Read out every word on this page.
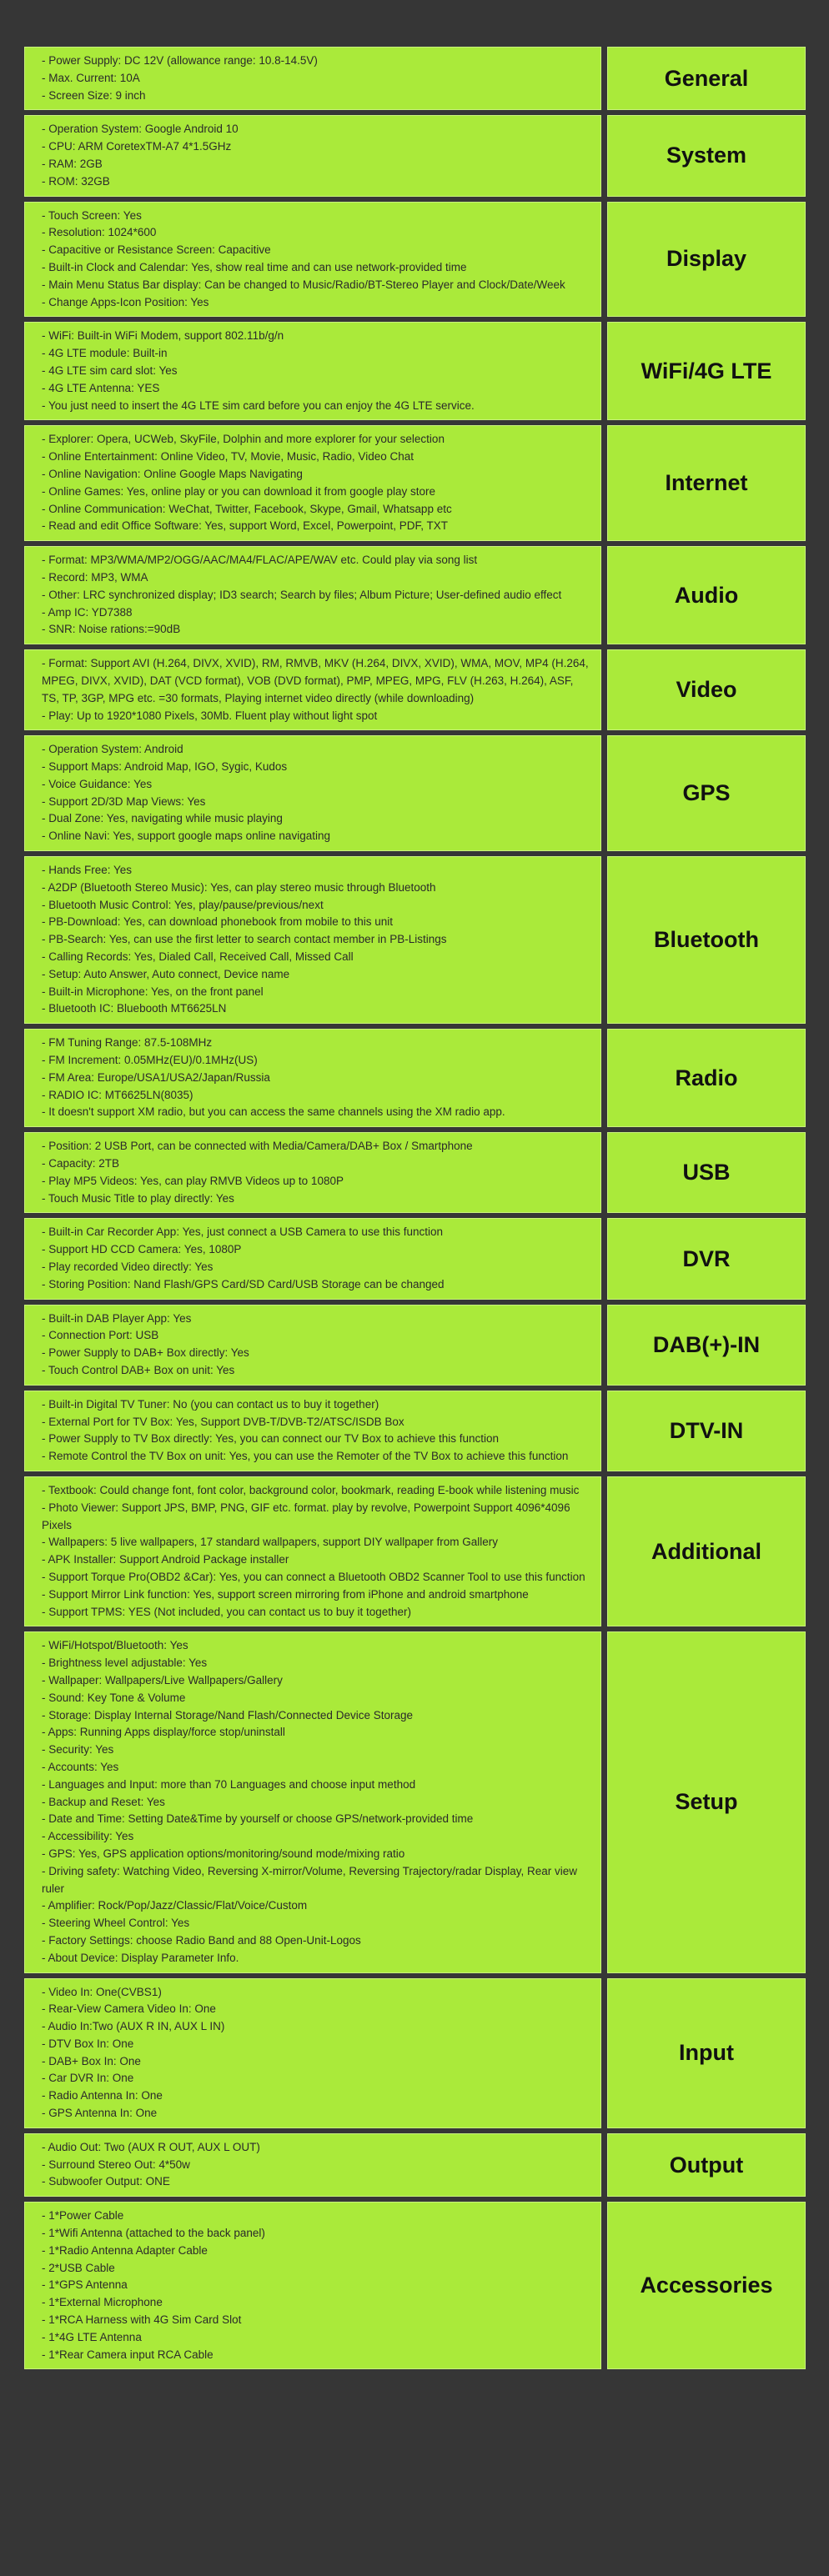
- Power Supply: DC 12V (allowance range: 10.8-14.5V)

- Max. Current: 10A

- Screen Size: 9 inch

General

- Operation System: Google Android 10

- CPU: ARM CoretexTM-A7 4*1.5GHz

- RAM: 2GB

- ROM: 32GB

System

- Touch Screen: Yes

- Resolution: 1024*600

- Capacitive or Resistance Screen: Capacitive

- Built-in Clock and Calendar: Yes, show real time and can use network-provided time

- Main Menu Status Bar display: Can be changed to Music/Radio/BT-Stereo Player and Clock/Date/Week

- Change Apps-Icon Position: Yes

Display

- WiFi: Built-in WiFi Modem, support 802.11b/g/n

- 4G LTE module: Built-in

- 4G LTE sim card slot: Yes

- 4G LTE Antenna: YES

- You just need to insert the 4G LTE sim card before you can enjoy the 4G LTE service.

WiFi/4G LTE

- Explorer: Opera, UCWeb, SkyFile, Dolphin and more explorer for your selection

- Online Entertainment: Online Video, TV, Movie, Music, Radio, Video Chat

- Online Navigation: Online Google Maps Navigating

- Online Games: Yes, online play or you can download it from google play store

- Online Communication: WeChat, Twitter, Facebook, Skype, Gmail, Whatsapp etc

- Read and edit Office Software: Yes, support Word, Excel, Powerpoint, PDF, TXT

Internet

- Format: MP3/WMA/MP2/OGG/AAC/MA4/FLAC/APE/WAV etc. Could play via song list

- Record: MP3, WMA

- Other: LRC synchronized display; ID3 search; Search by files; Album Picture; User-defined audio effect

- Amp IC: YD7388

- SNR: Noise rations:=90dB

Audio

- Format: Support AVI (H.264, DIVX, XVID), RM, RMVB, MKV (H.264, DIVX, XVID), WMA, MOV, MP4 (H.264, MPEG, DIVX, XVID), DAT (VCD format), VOB (DVD format), PMP, MPEG, MPG, FLV (H.263, H.264), ASF, TS, TP, 3GP, MPG etc. =30 formats, Playing internet video directly (while downloading)

- Play: Up to 1920*1080 Pixels, 30Mb. Fluent play without light spot

Video

- Operation System: Android

- Support Maps: Android Map, IGO, Sygic, Kudos

- Voice Guidance: Yes

- Support 2D/3D Map Views: Yes

- Dual Zone: Yes, navigating while music playing

- Online Navi: Yes, support google maps online navigating

GPS

- Hands Free: Yes

- A2DP (Bluetooth Stereo Music): Yes, can play stereo music through Bluetooth

- Bluetooth Music Control: Yes, play/pause/previous/next

- PB-Download: Yes, can download phonebook from mobile to this unit

- PB-Search: Yes, can use the first letter to search contact member in PB-Listings

- Calling Records: Yes, Dialed Call, Received Call, Missed Call

- Setup: Auto Answer, Auto connect, Device name

- Built-in Microphone: Yes, on the front panel

- Bluetooth IC: Bluebooth MT6625LN

Bluetooth

- FM Tuning Range: 87.5-108MHz

- FM Increment: 0.05MHz(EU)/0.1MHz(US)

- FM Area: Europe/USA1/USA2/Japan/Russia

- RADIO IC: MT6625LN(8035)

- It doesn't support XM radio, but you can access the same channels using the XM radio app.

Radio

- Position: 2 USB Port, can be connected with Media/Camera/DAB+ Box / Smartphone

- Capacity: 2TB

- Play MP5 Videos: Yes, can play RMVB Videos up to 1080P

- Touch Music Title to play directly: Yes

USB

- Built-in Car Recorder App: Yes, just connect a USB Camera to use this function

- Support HD CCD Camera: Yes, 1080P

- Play recorded Video directly: Yes

- Storing Position: Nand Flash/GPS Card/SD Card/USB Storage can be changed

DVR

- Built-in DAB Player App: Yes

- Connection Port: USB

- Power Supply to DAB+ Box directly: Yes

- Touch Control DAB+ Box on unit: Yes

DAB(+)-IN

- Built-in Digital TV Tuner: No (you can contact us to buy it together)

- External Port for TV Box: Yes, Support DVB-T/DVB-T2/ATSC/ISDB Box

- Power Supply to TV Box directly: Yes, you can connect our TV Box to achieve this function

- Remote Control the TV Box on unit: Yes, you can use the Remoter of the TV Box to achieve this function

DTV-IN

- Textbook: Could change font, font color, background color, bookmark, reading E-book while listening music

- Photo Viewer: Support JPS, BMP, PNG, GIF etc. format. play by revolve, Powerpoint Support 4096*4096 Pixels

- Wallpapers: 5 live wallpapers, 17 standard wallpapers, support DIY wallpaper from Gallery

- APK Installer: Support Android Package installer

- Support Torque Pro(OBD2 &Car): Yes, you can connect a Bluetooth OBD2 Scanner Tool to use this function

- Support Mirror Link function: Yes, support screen mirroring from iPhone and android smartphone

- Support TPMS: YES (Not included, you can contact us to buy it together)

Additional

- WiFi/Hotspot/Bluetooth: Yes

- Brightness level adjustable: Yes

- Wallpaper: Wallpapers/Live Wallpapers/Gallery

- Sound: Key Tone & Volume

- Storage: Display Internal Storage/Nand Flash/Connected Device Storage

- Apps: Running Apps display/force stop/uninstall

- Security: Yes

- Accounts: Yes

- Languages and Input: more than 70 Languages and choose input method

- Backup and Reset: Yes

- Date and Time: Setting Date&Time by yourself or choose GPS/network-provided time

- Accessibility: Yes

- GPS: Yes, GPS application options/monitoring/sound mode/mixing ratio

- Driving safety: Watching Video, Reversing X-mirror/Volume, Reversing Trajectory/radar Display, Rear view ruler

- Amplifier: Rock/Pop/Jazz/Classic/Flat/Voice/Custom

- Steering Wheel Control: Yes

- Factory Settings: choose Radio Band and 88 Open-Unit-Logos

- About Device: Display Parameter Info.

Setup

- Video In: One(CVBS1)

- Rear-View Camera Video In: One

- Audio In:Two (AUX R IN, AUX L IN)

- DTV Box In: One

- DAB+ Box In: One

- Car DVR In: One

- Radio Antenna In: One

- GPS Antenna In: One

Input

- Audio Out: Two (AUX R OUT, AUX L OUT)

- Surround Stereo Out: 4*50w

- Subwoofer Output: ONE

Output

- 1*Power Cable

- 1*Wifi Antenna (attached to the back panel)

- 1*Radio Antenna Adapter Cable

- 2*USB Cable

- 1*GPS Antenna

- 1*External Microphone

- 1*RCA Harness with 4G Sim Card Slot

- 1*4G LTE Antenna

- 1*Rear Camera input RCA Cable

Accessories
